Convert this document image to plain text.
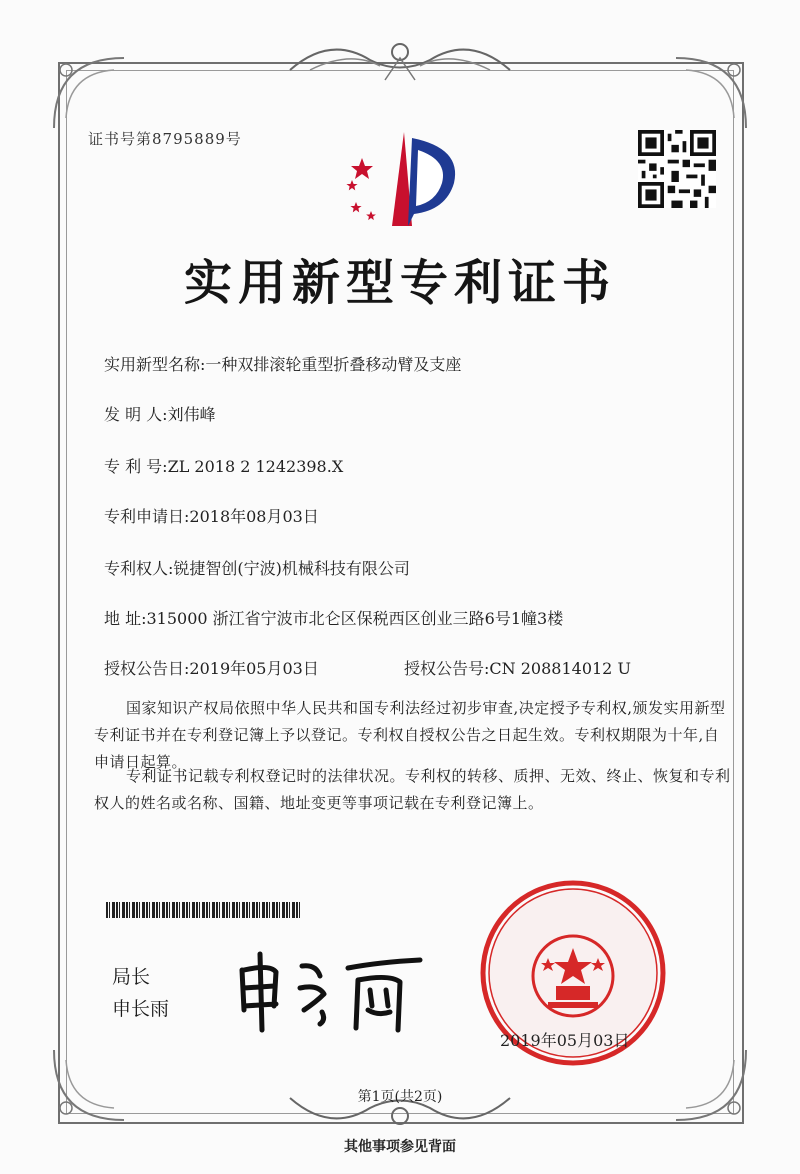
证书号第8795889号
实用新型专利证书
实用新型名称:一种双排滚轮重型折叠移动臂及支座
发 明 人:刘伟峰
专 利 号:ZL 2018 2 1242398.X
专利申请日:2018年08月03日
专利权人:锐捷智创(宁波)机械科技有限公司
地 址:315000 浙江省宁波市北仑区保税西区创业三路6号1幢3楼
授权公告日:2019年05月03日	授权公告号:CN 208814012 U

国家知识产权局依照中华人民共和国专利法经过初步审查,决定授予专利权,颁发实用新型专利证书并在专利登记簿上予以登记。专利权自授权公告之日起生效。专利权期限为十年,自申请日起算。

专利证书记载专利权登记时的法律状况。专利权的转移、质押、无效、终止、恢复和专利权人的姓名或名称、国籍、地址变更等事项记载在专利登记簿上。

局长
申长雨
2019年05月03日
第1页(共2页)
其他事项参见背面
